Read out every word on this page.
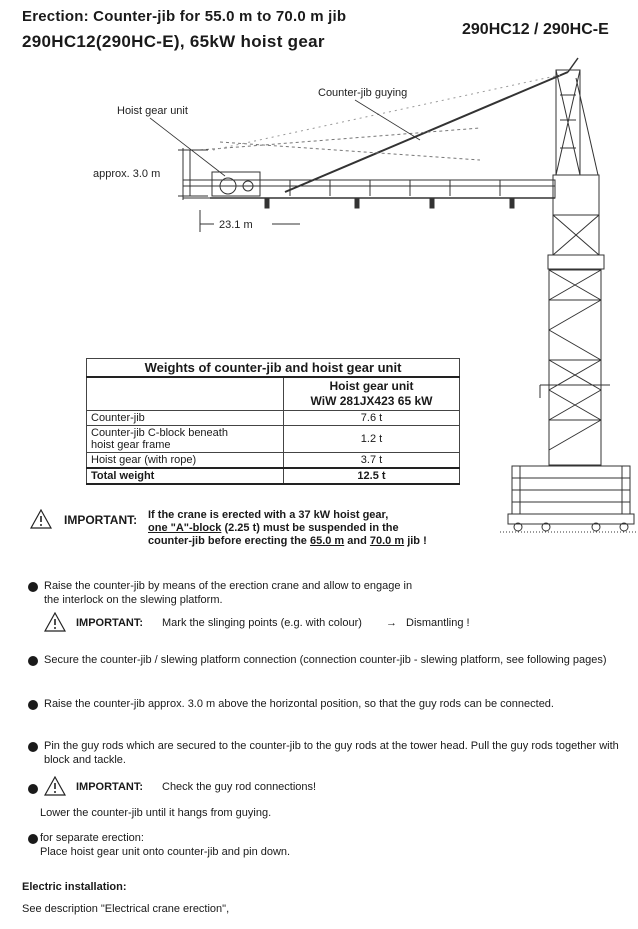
Erection: Counter-jib for 55.0 m to 70.0 m jib
290HC12(290HC-E), 65kW hoist gear
290HC12 / 290HC-E
Hoist gear unit
Counter-jib guying
approx. 3.0 m
23.1 m
Weights of counter-jib and hoist gear unit	

	Hoist gear unit
WiW 281JX423 65 kW

Counter-jib	7.6 t

Counter-jib C-block beneath
hoist gear frame	1.2 t
Hoist gear (with rope)	3.7 t
Total weight	12.5 t
IMPORTANT: If the crane is erected with a 37 kW hoist gear,
one "A"-block (2.25 t) must be suspended in the
counter-jib before erecting the 65.0 m and 70.0 m jib !
Raise the counter-jib by means of the erection crane and allow to engage in the interlock on the slewing platform.
IMPORTANT: Mark the slinging points (e.g. with colour) → Dismantling !
Secure the counter-jib / slewing platform connection (connection counter-jib - slewing platform, see following pages)
Raise the counter-jib approx. 3.0 m above the horizontal position, so that the guy rods can be connected.
Pin the guy rods which are secured to the counter-jib to the guy rods at the tower head. Pull the guy rods together with block and tackle.
IMPORTANT: Check the guy rod connections!
Lower the counter-jib until it hangs from guying.
for separate erection:
Place hoist gear unit onto counter-jib and pin down.
Electric installation:
See description "Electrical crane erection",
